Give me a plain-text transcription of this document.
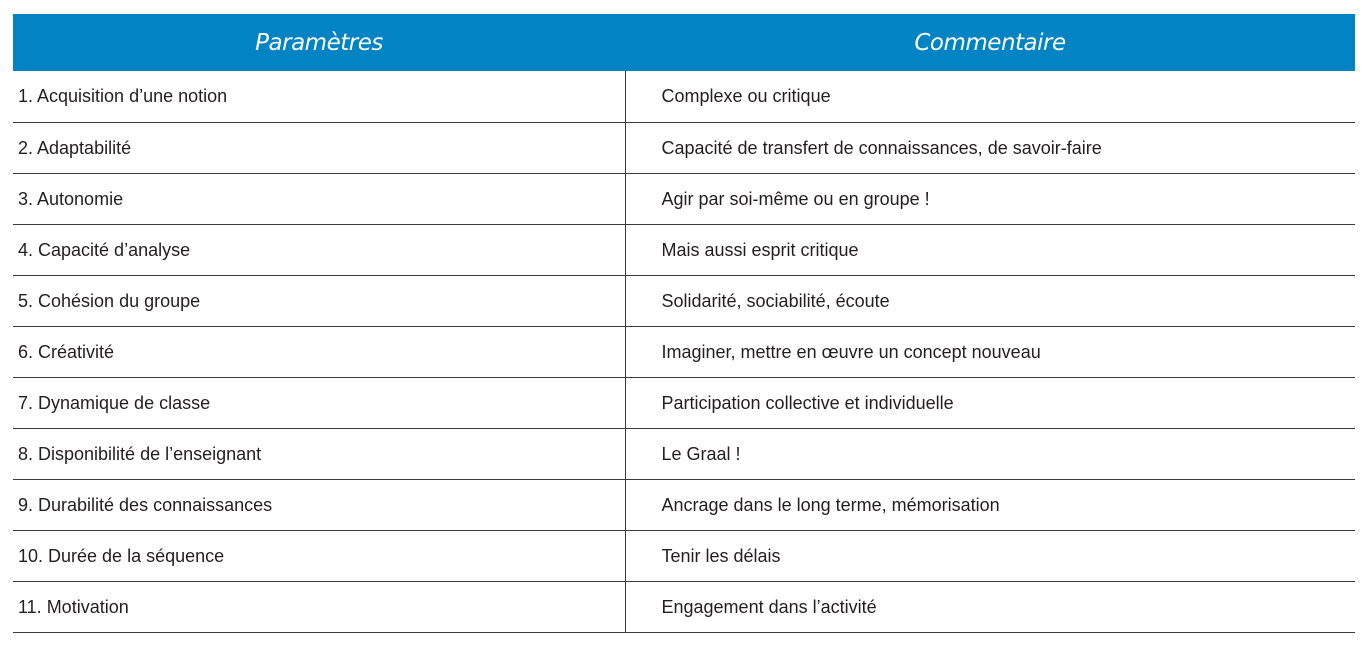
Paramètres	Commentaire
1. Acquisition d’une notion	Complexe ou critique
2. Adaptabilité	Capacité de transfert de connaissances, de savoir-faire
3. Autonomie	Agir par soi-même ou en groupe !
4. Capacité d’analyse	Mais aussi esprit critique
5. Cohésion du groupe	Solidarité, sociabilité, écoute
6. Créativité	Imaginer, mettre en œuvre un concept nouveau
7. Dynamique de classe	Participation collective et individuelle
8. Disponibilité de l’enseignant	Le Graal !
9. Durabilité des connaissances	Ancrage dans le long terme, mémorisation
10. Durée de la séquence	Tenir les délais
11. Motivation	Engagement dans l’activité
